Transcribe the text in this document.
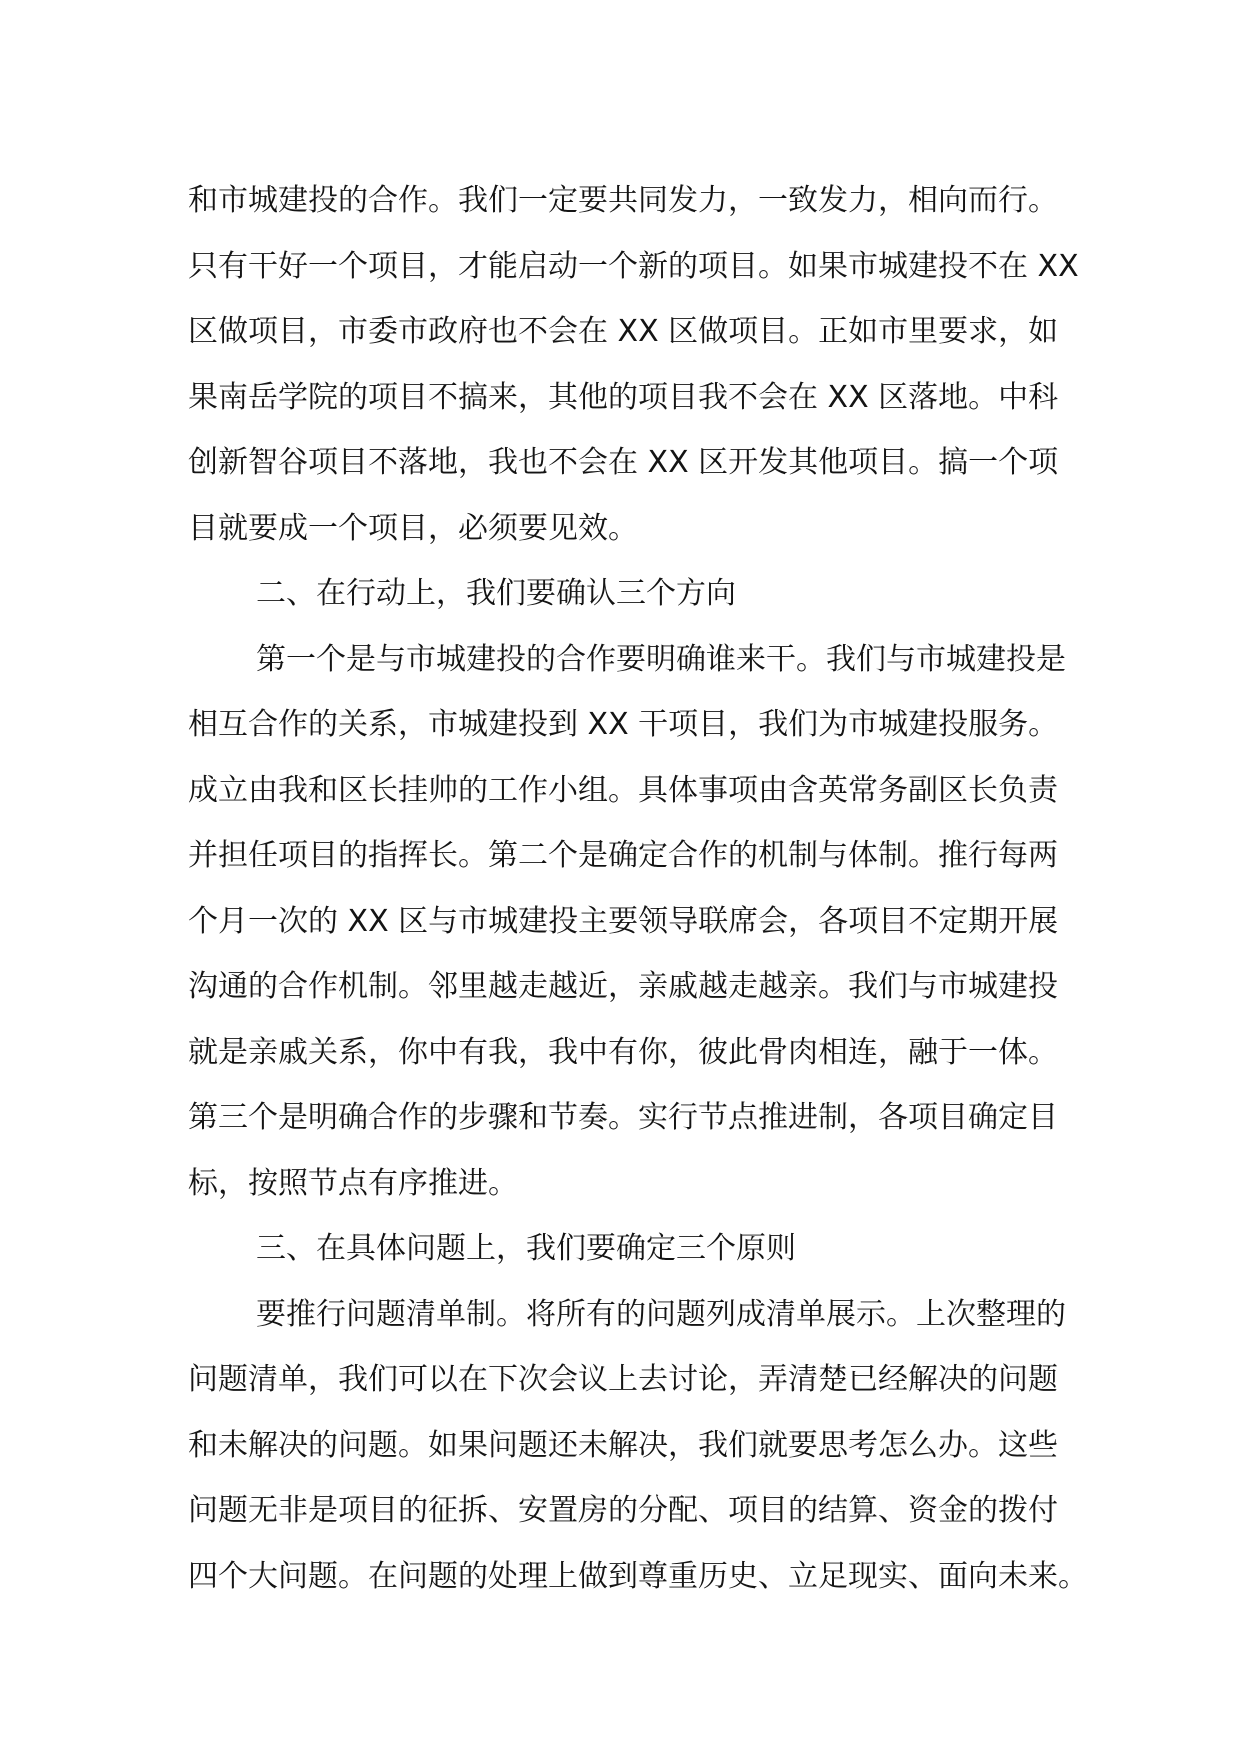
和市城建投的合作。我们一定要共同发力，一致发力，相向而行。
只有干好一个项目，才能启动一个新的项目。如果市城建投不在 XX
区做项目，市委市政府也不会在 XX 区做项目。正如市里要求，如
果南岳学院的项目不搞来，其他的项目我不会在 XX 区落地。中科
创新智谷项目不落地，我也不会在 XX 区开发其他项目。搞一个项
目就要成一个项目，必须要见效。
二、在行动上，我们要确认三个方向
第一个是与市城建投的合作要明确谁来干。我们与市城建投是
相互合作的关系，市城建投到 XX 干项目，我们为市城建投服务。
成立由我和区长挂帅的工作小组。具体事项由含英常务副区长负责
并担任项目的指挥长。第二个是确定合作的机制与体制。推行每两
个月一次的 XX 区与市城建投主要领导联席会，各项目不定期开展
沟通的合作机制。邻里越走越近，亲戚越走越亲。我们与市城建投
就是亲戚关系，你中有我，我中有你，彼此骨肉相连，融于一体。
第三个是明确合作的步骤和节奏。实行节点推进制，各项目确定目
标，按照节点有序推进。
三、在具体问题上，我们要确定三个原则
要推行问题清单制。将所有的问题列成清单展示。上次整理的
问题清单，我们可以在下次会议上去讨论，弄清楚已经解决的问题
和未解决的问题。如果问题还未解决，我们就要思考怎么办。这些
问题无非是项目的征拆、安置房的分配、项目的结算、资金的拨付
四个大问题。在问题的处理上做到尊重历史、立足现实、面向未来。
